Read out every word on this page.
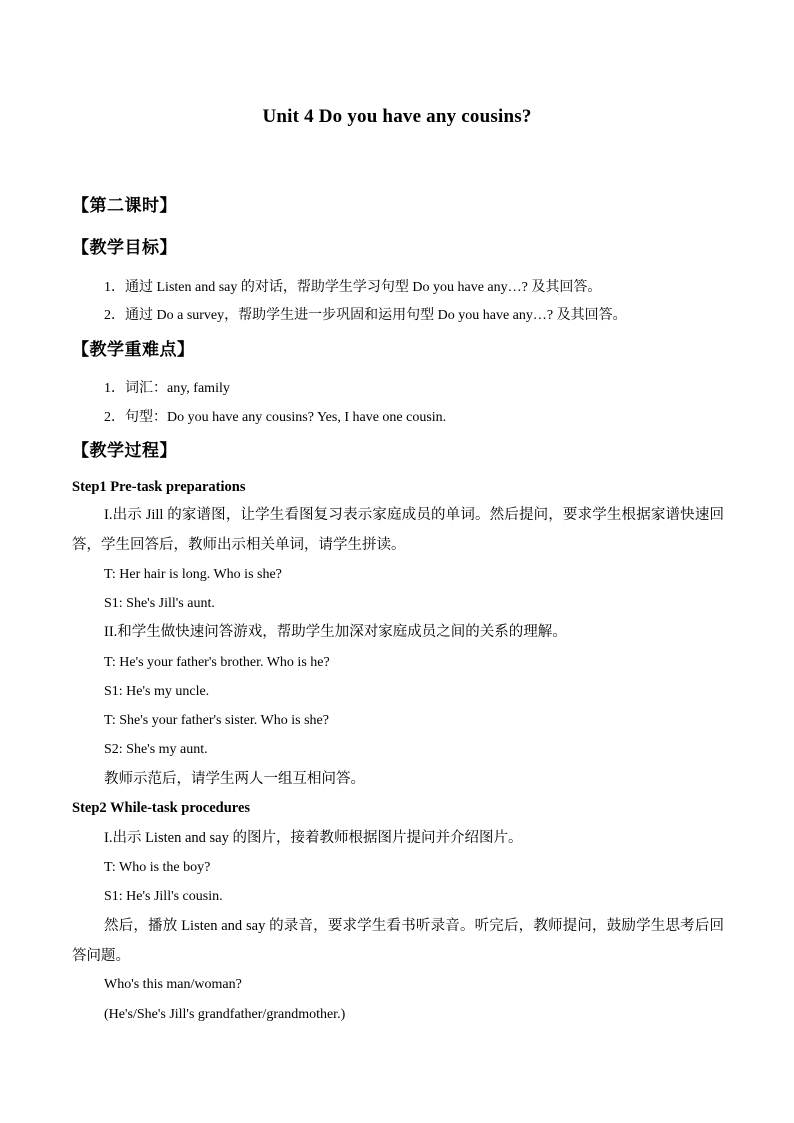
Unit 4 Do you have any cousins?
【第二课时】
【教学目标】
1．通过 Listen and say 的对话，帮助学生学习句型 Do you have any…? 及其回答。
2．通过 Do a survey，帮助学生进一步巩固和运用句型 Do you have any…? 及其回答。
【教学重难点】
1．词汇：any, family
2．句型：Do you have any cousins? Yes, I have one cousin.
【教学过程】
Step1 Pre-task preparations
I.出示 Jill 的家谱图，让学生看图复习表示家庭成员的单词。然后提问，要求学生根据家谱快速回答，学生回答后，教师出示相关单词，请学生拼读。
T: Her hair is long. Who is she?
S1: She's Jill's aunt.
II.和学生做快速问答游戏，帮助学生加深对家庭成员之间的关系的理解。
T: He's your father's brother. Who is he?
S1: He's my uncle.
T: She's your father's sister. Who is she?
S2: She's my aunt.
教师示范后，请学生两人一组互相问答。
Step2 While-task procedures
I.出示 Listen and say 的图片，接着教师根据图片提问并介绍图片。
T: Who is the boy?
S1: He's Jill's cousin.
然后，播放 Listen and say 的录音，要求学生看书听录音。听完后，教师提问，鼓励学生思考后回答问题。
Who's this man/woman?
(He's/She's Jill's grandfather/grandmother.)
